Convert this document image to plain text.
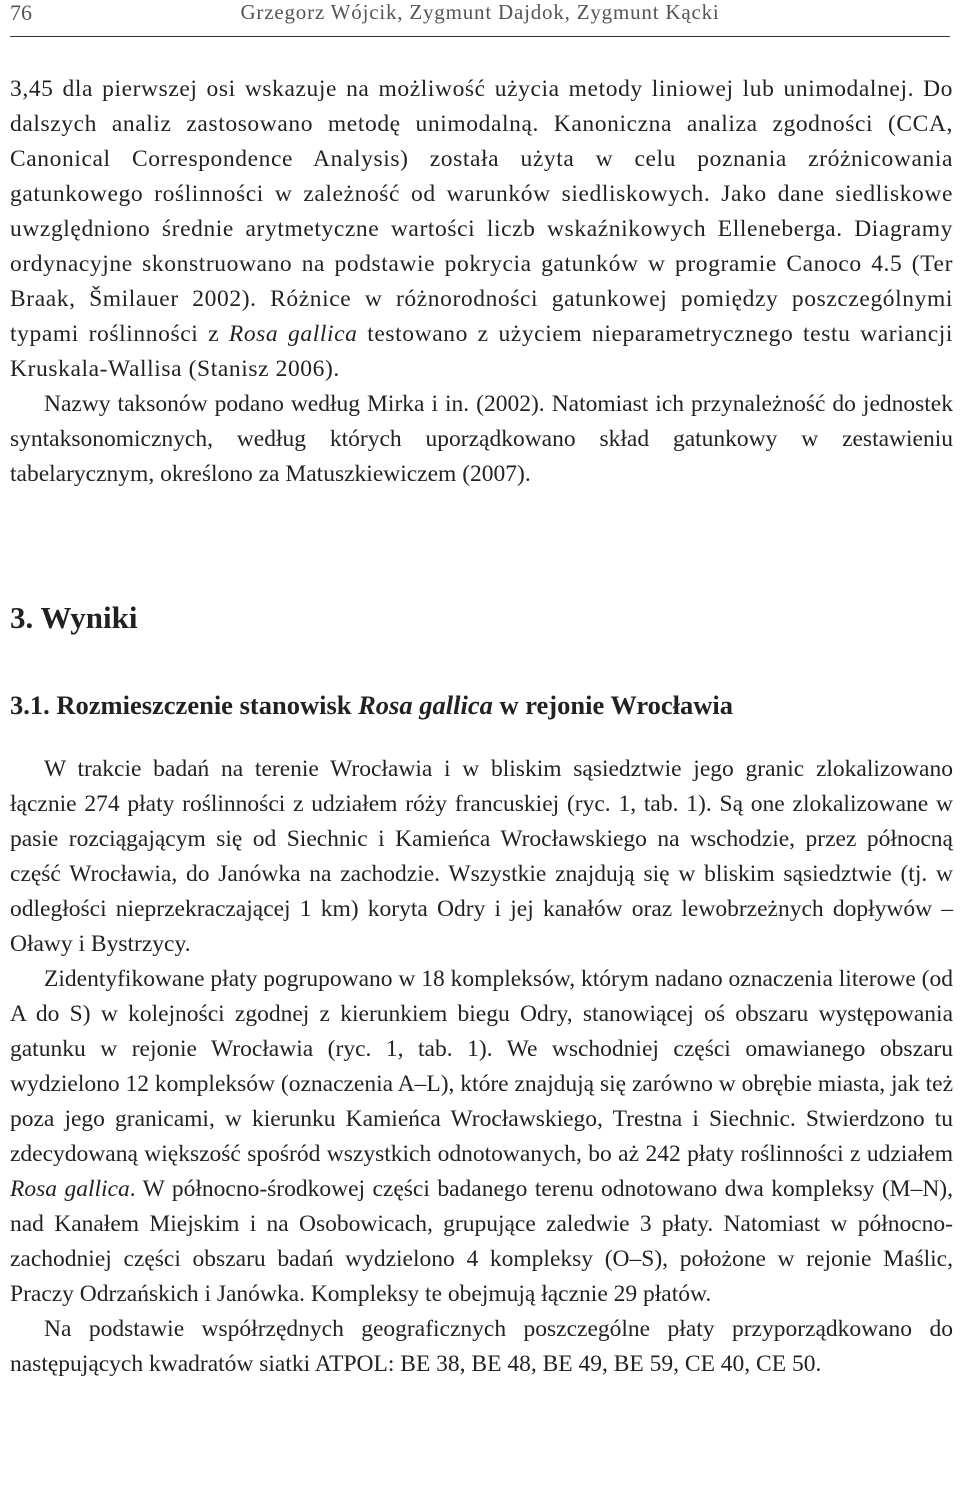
76	Grzegorz Wójcik, Zygmunt Dajdok, Zygmunt Kącki

3,45 dla pierwszej osi wskazuje na możliwość użycia metody liniowej lub unimodalnej. Do dalszych analiz zastosowano metodę unimodalną. Kanoniczna analiza zgodności (CCA, Canonical Correspondence Analysis) została użyta w celu poznania zróżnicowania gatunkowego roślinności w zależność od warunków siedliskowych. Jako dane siedliskowe uwzględniono średnie arytmetyczne wartości liczb wskaźnikowych Elleneberga. Diagramy ordynacyjne skonstruowano na podstawie pokrycia gatunków w programie Canoco 4.5 (Ter Braak, Šmilauer 2002). Różnice w różnorodności gatunkowej pomiędzy poszczególnymi typami roślinności z Rosa gallica testowano z użyciem nieparametrycznego testu wariancji Kruskala-Wallisa (Stanisz 2006).

Nazwy taksonów podano według Mirka i in. (2002). Natomiast ich przynależność do jednostek syntaksonomicznych, według których uporządkowano skład gatunkowy w zestawieniu tabelarycznym, określono za Matuszkiewiczem (2007).

3. Wyniki
3.1. Rozmieszczenie stanowisk Rosa gallica w rejonie Wrocławia

W trakcie badań na terenie Wrocławia i w bliskim sąsiedztwie jego granic zlokalizowano łącznie 274 płaty roślinności z udziałem róży francuskiej (ryc. 1, tab. 1). Są one zlokalizowane w pasie rozciągającym się od Siechnic i Kamieńca Wrocławskiego na wschodzie, przez północną część Wrocławia, do Janówka na zachodzie. Wszystkie znajdują się w bliskim sąsiedztwie (tj. w odległości nieprzekraczającej 1 km) koryta Odry i jej kanałów oraz lewobrzeżnych dopływów – Oławy i Bystrzycy.

Zidentyfikowane płaty pogrupowano w 18 kompleksów, którym nadano oznaczenia literowe (od A do S) w kolejności zgodnej z kierunkiem biegu Odry, stanowiącej oś obszaru występowania gatunku w rejonie Wrocławia (ryc. 1, tab. 1). We wschodniej części omawianego obszaru wydzielono 12 kompleksów (oznaczenia A–L), które znajdują się zarówno w obrębie miasta, jak też poza jego granicami, w kierunku Kamieńca Wrocławskiego, Trestna i Siechnic. Stwierdzono tu zdecydowaną większość spośród wszystkich odnotowanych, bo aż 242 płaty roślinności z udziałem Rosa gallica. W północno-środkowej części badanego terenu odnotowano dwa kompleksy (M–N), nad Kanałem Miejskim i na Osobowicach, grupujące zaledwie 3 płaty. Natomiast w północno-zachodniej części obszaru badań wydzielono 4 kompleksy (O–S), położone w rejonie Maślic, Praczy Odrzańskich i Janówka. Kompleksy te obejmują łącznie 29 płatów.

Na podstawie współrzędnych geograficznych poszczególne płaty przyporządkowano do następujących kwadratów siatki ATPOL: BE 38, BE 48, BE 49, BE 59, CE 40, CE 50.
